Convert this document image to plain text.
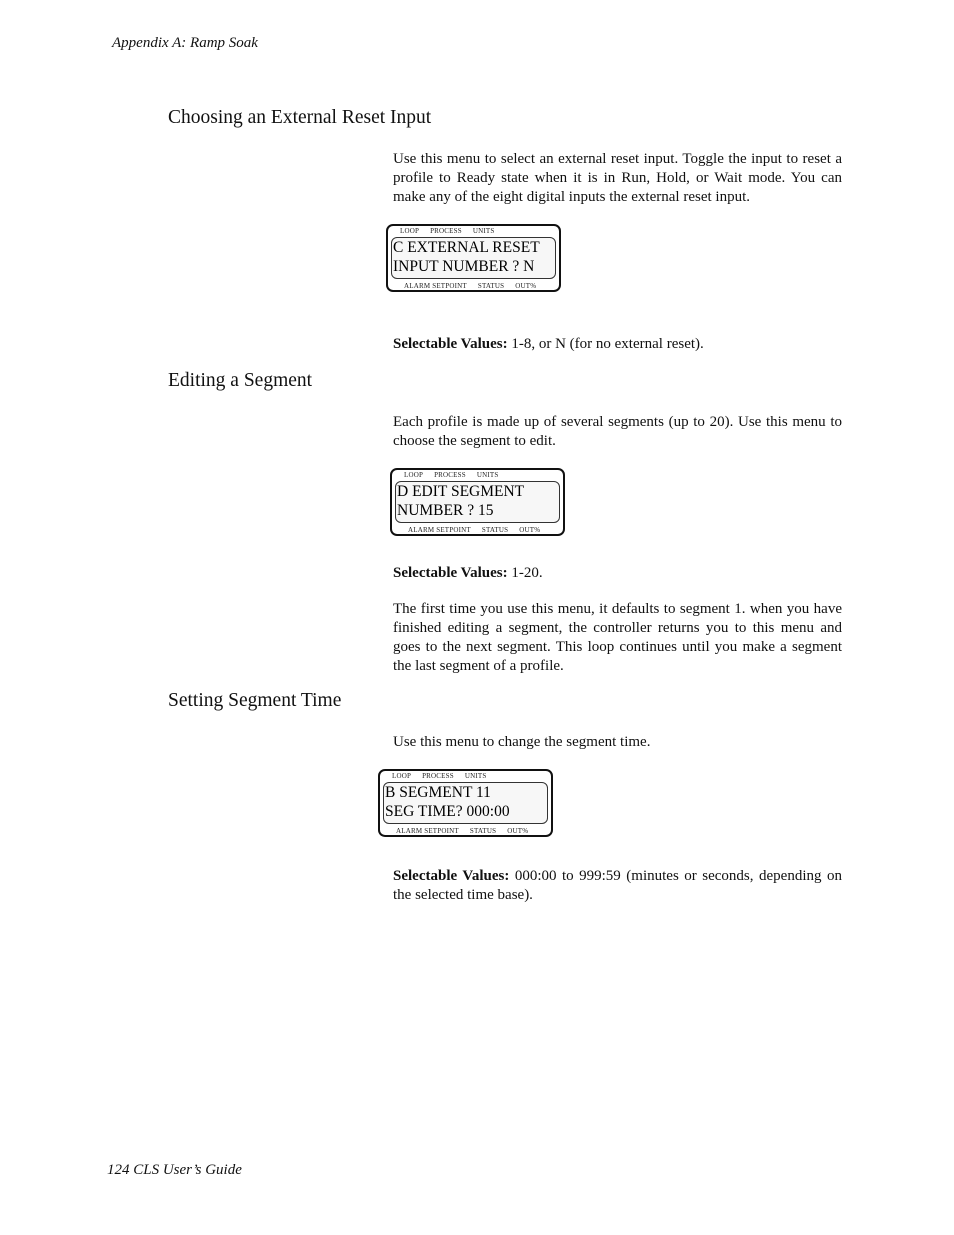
Appendix A: Ramp Soak
Choosing an External Reset Input

Use this menu to select an external reset input. Toggle the input to reset a profile to Ready state when it is in Run, Hold, or Wait mode. You can make any of the eight digital inputs the external reset input.

LOOP PROCESS UNITS
C EXTERNAL RESET
INPUT NUMBER ? N
ALARM SETPOINT STATUS OUT%

Selectable Values: 1-8, or N (for no external reset).

Editing a Segment

Each profile is made up of several segments (up to 20). Use this menu to choose the segment to edit.

LOOP PROCESS UNITS
D EDIT SEGMENT
NUMBER ? 15
ALARM SETPOINT STATUS OUT%

Selectable Values: 1-20.

The first time you use this menu, it defaults to segment 1. when you have finished editing a segment, the controller returns you to this menu and goes to the next segment. This loop continues until you make a segment the last segment of a profile.

Setting Segment Time

Use this menu to change the segment time.

LOOP PROCESS UNITS
B SEGMENT 11
SEG TIME? 000:00
ALARM SETPOINT STATUS OUT%

Selectable Values: 000:00 to 999:59 (minutes or seconds, depending on the selected time base).

124 CLS User’s Guide
